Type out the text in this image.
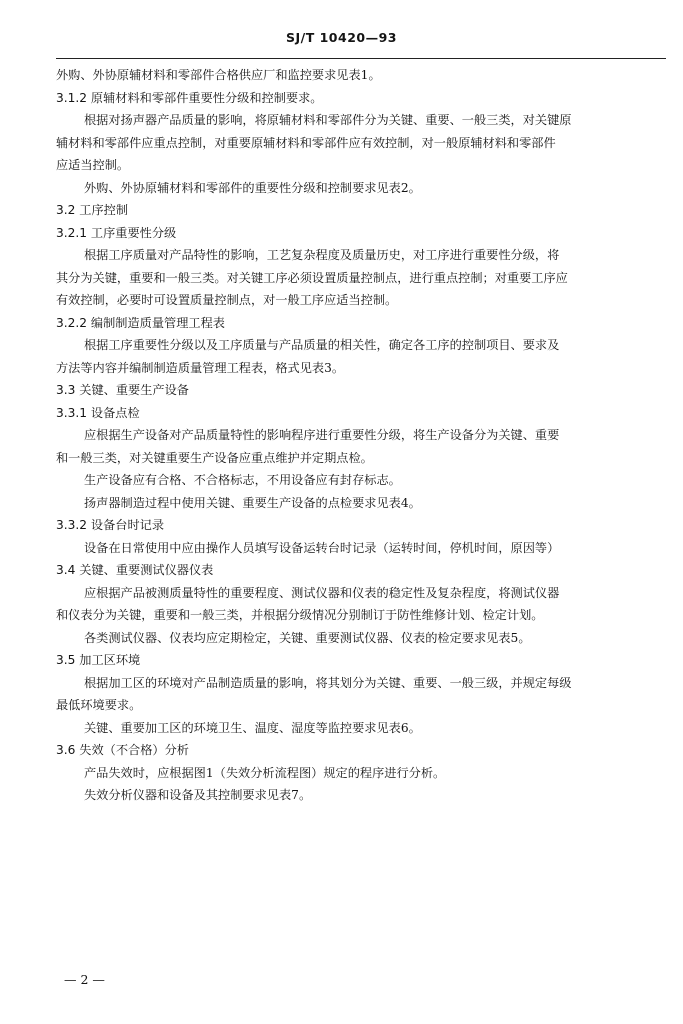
SJ/T 10420—93
外购、外协原辅材料和零部件合格供应厂和监控要求见表1。
3.1.2 原辅材料和零部件重要性分级和控制要求。
根据对扬声器产品质量的影响，将原辅材料和零部件分为关键、重要、一般三类，对关键原
辅材料和零部件应重点控制，对重要原辅材料和零部件应有效控制，对一般原辅材料和零部件
应适当控制。
外购、外协原辅材料和零部件的重要性分级和控制要求见表2。
3.2 工序控制
3.2.1 工序重要性分级
根据工序质量对产品特性的影响，工艺复杂程度及质量历史，对工序进行重要性分级，将
其分为关键，重要和一般三类。对关键工序必须设置质量控制点，进行重点控制；对重要工序应
有效控制，必要时可设置质量控制点，对一般工序应适当控制。
3.2.2 编制制造质量管理工程表
根据工序重要性分级以及工序质量与产品质量的相关性，确定各工序的控制项目、要求及
方法等内容并编制制造质量管理工程表，格式见表3。
3.3 关键、重要生产设备
3.3.1 设备点检
应根据生产设备对产品质量特性的影响程序进行重要性分级，将生产设备分为关键、重要
和一般三类，对关键重要生产设备应重点维护并定期点检。
生产设备应有合格、不合格标志，不用设备应有封存标志。
扬声器制造过程中使用关键、重要生产设备的点检要求见表4。
3.3.2 设备台时记录
设备在日常使用中应由操作人员填写设备运转台时记录（运转时间，停机时间，原因等）
3.4 关键、重要测试仪器仪表
应根据产品被测质量特性的重要程度、测试仪器和仪表的稳定性及复杂程度，将测试仪器
和仪表分为关键，重要和一般三类，并根据分级情况分别制订于防性维修计划、检定计划。
各类测试仪器、仪表均应定期检定，关键、重要测试仪器、仪表的检定要求见表5。
3.5 加工区环境
根据加工区的环境对产品制造质量的影响，将其划分为关键、重要、一般三级，并规定每级
最低环境要求。
关键、重要加工区的环境卫生、温度、湿度等监控要求见表6。
3.6 失效（不合格）分析
产品失效时，应根据图1（失效分析流程图）规定的程序进行分析。
失效分析仪器和设备及其控制要求见表7。
— 2 —
